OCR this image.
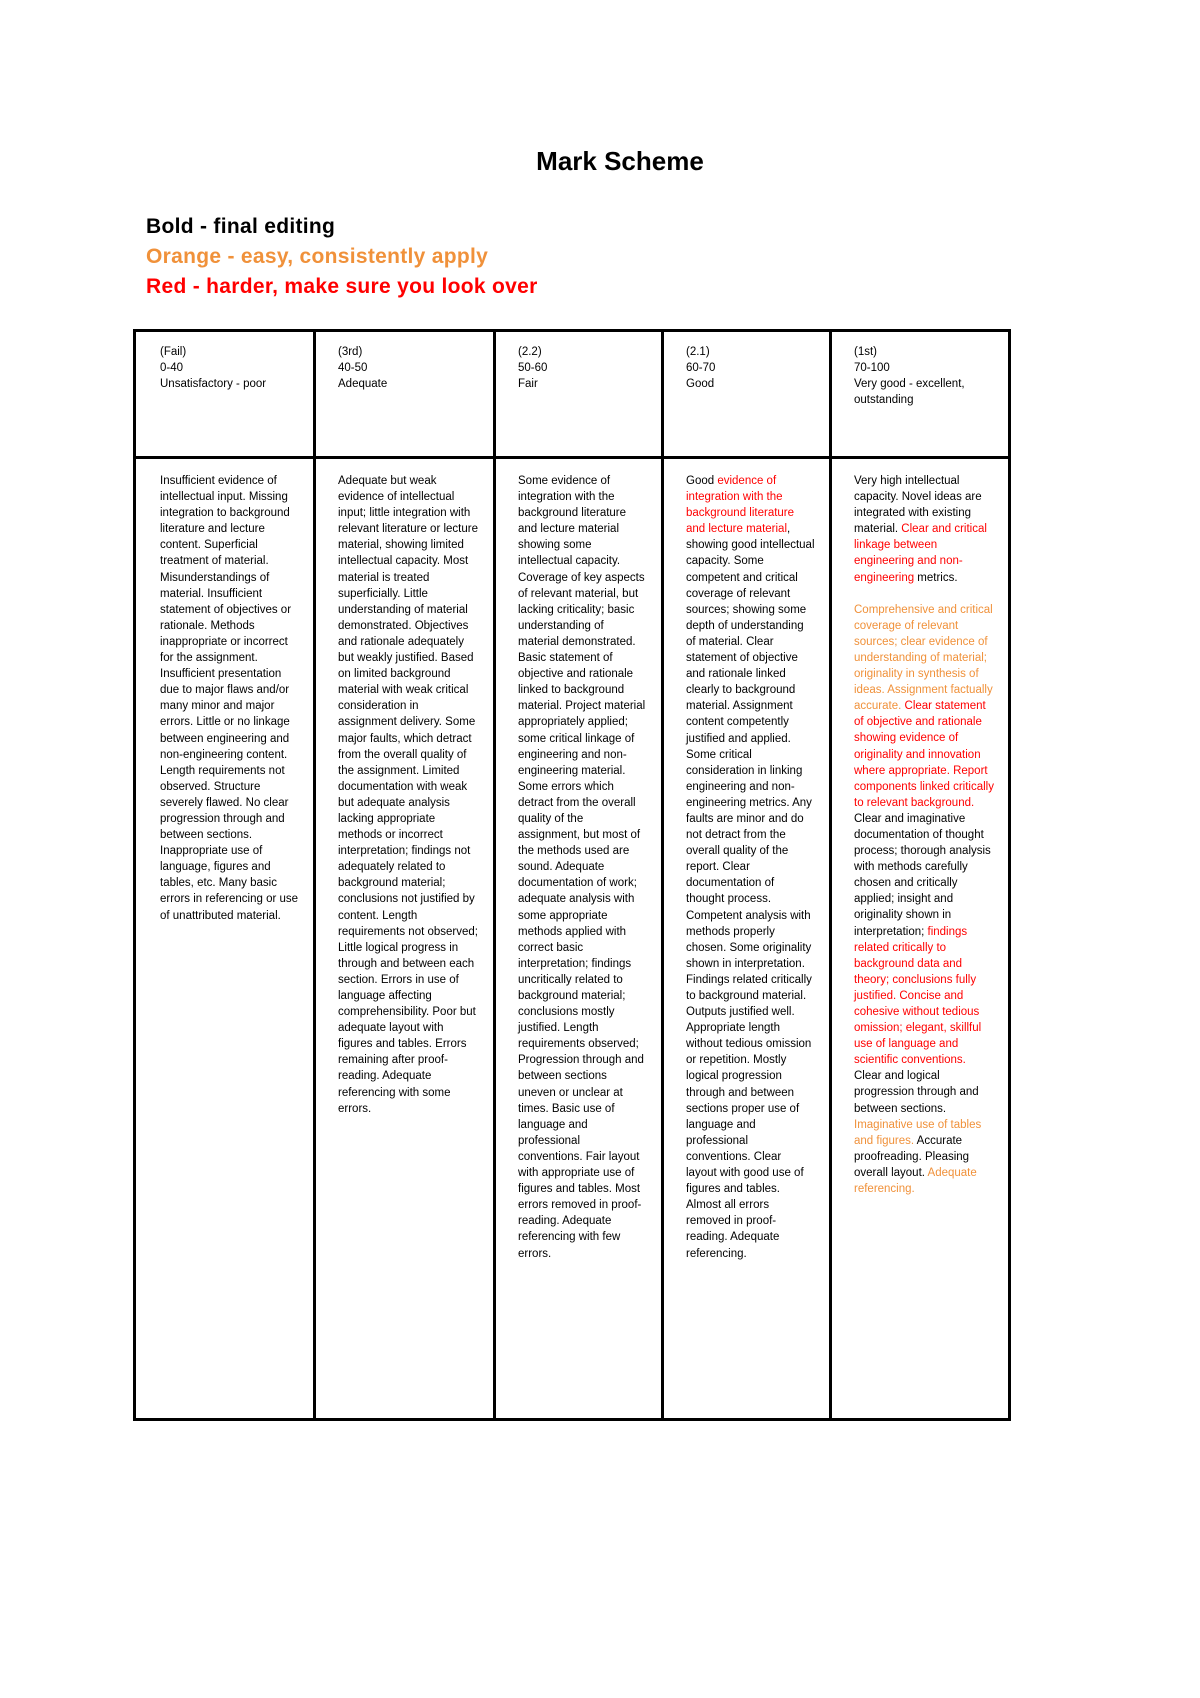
Mark Scheme
Bold - final editing
Orange - easy, consistently apply
Red - harder, make sure you look over
(Fail)
0-40
Unsatisfactory - poor
(3rd)
40-50
Adequate
(2.2)
50-60
Fair
(2.1)
60-70
Good
(1st)
70-100
Very good - excellent, outstanding
Insufficient evidence of intellectual input. Missing integration to background literature and lecture content. Superficial treatment of material. Misunderstandings of material. Insufficient statement of objectives or rationale. Methods inappropriate or incorrect for the assignment. Insufficient presentation due to major flaws and/or many minor and major errors. Little or no linkage between engineering and non-engineering content. Length requirements not observed. Structure severely flawed. No clear progression through and between sections. Inappropriate use of language, figures and tables, etc. Many basic errors in referencing or use of unattributed material.
Adequate but weak evidence of intellectual input; little integration with relevant literature or lecture material, showing limited intellectual capacity. Most material is treated superficially. Little understanding of material demonstrated. Objectives and rationale adequately but weakly justified. Based on limited background material with weak critical consideration in assignment delivery. Some major faults, which detract from the overall quality of the assignment. Limited documentation with weak but adequate analysis lacking appropriate methods or incorrect interpretation; findings not adequately related to background material; conclusions not justified by content. Length requirements not observed; Little logical progress in through and between each section. Errors in use of language affecting comprehensibility. Poor but adequate layout with figures and tables. Errors remaining after proof-reading. Adequate referencing with some errors.
Some evidence of integration with the background literature and lecture material showing some intellectual capacity. Coverage of key aspects of relevant material, but lacking criticality; basic understanding of material demonstrated. Basic statement of objective and rationale linked to background material. Project material appropriately applied; some critical linkage of engineering and non-engineering material. Some errors which detract from the overall quality of the assignment, but most of the methods used are sound. Adequate documentation of work; adequate analysis with some appropriate methods applied with correct basic interpretation; findings uncritically related to background material; conclusions mostly justified. Length requirements observed; Progression through and between sections uneven or unclear at times. Basic use of language and professional conventions. Fair layout with appropriate use of figures and tables. Most errors removed in proof-reading. Adequate referencing with few errors.
Good evidence of integration with the background literature and lecture material, showing good intellectual capacity. Some competent and critical coverage of relevant sources; showing some depth of understanding of material. Clear statement of objective and rationale linked clearly to background material. Assignment content competently justified and applied. Some critical consideration in linking engineering and non-engineering metrics. Any faults are minor and do not detract from the overall quality of the report. Clear documentation of thought process. Competent analysis with methods properly chosen. Some originality shown in interpretation. Findings related critically to background material. Outputs justified well. Appropriate length without tedious omission or repetition. Mostly logical progression through and between sections proper use of language and professional conventions. Clear layout with good use of figures and tables. Almost all errors removed in proof-reading. Adequate referencing.
Very high intellectual capacity. Novel ideas are integrated with existing material. Clear and critical linkage between engineering and non-engineering metrics.
Comprehensive and critical coverage of relevant sources; clear evidence of understanding of material; originality in synthesis of ideas. Assignment factually accurate. Clear statement of objective and rationale showing evidence of originality and innovation where appropriate. Report components linked critically to relevant background. Clear and imaginative documentation of thought process; thorough analysis with methods carefully chosen and critically applied; insight and originality shown in interpretation; findings related critically to background data and theory; conclusions fully justified. Concise and cohesive without tedious omission; elegant, skillful use of language and scientific conventions. Clear and logical progression through and between sections. Imaginative use of tables and figures. Accurate proofreading. Pleasing overall layout. Adequate referencing.
